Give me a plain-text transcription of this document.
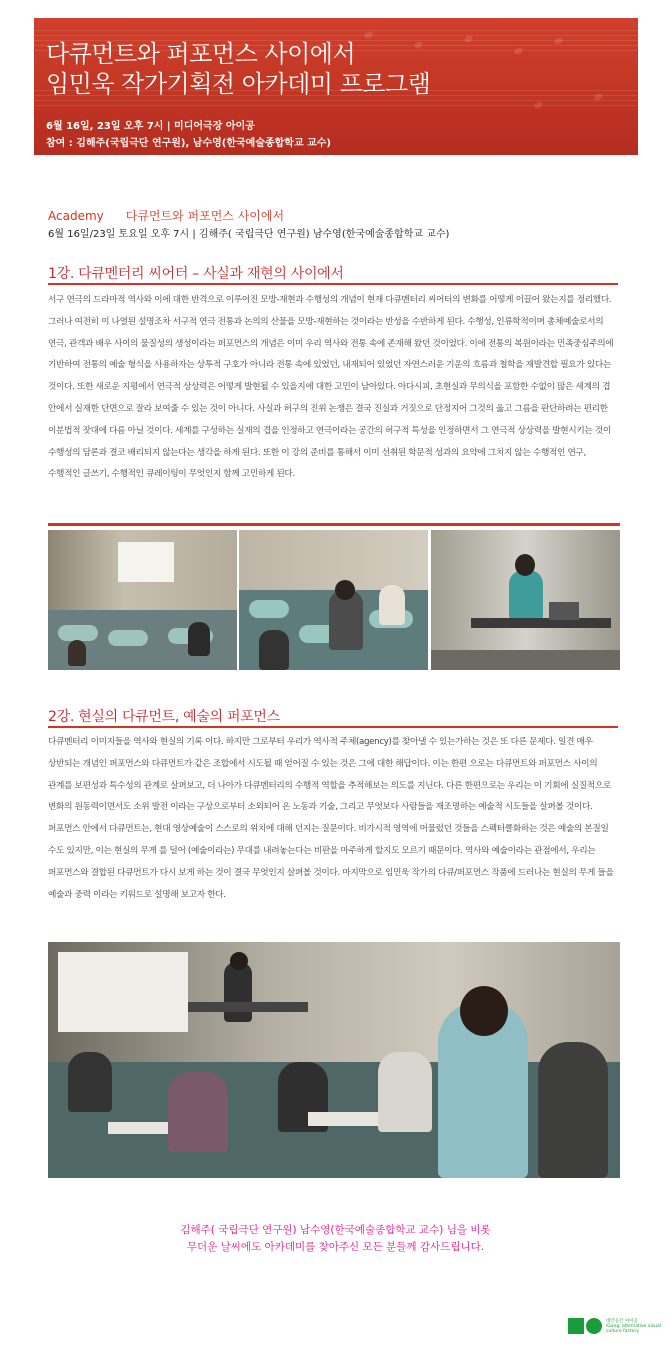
다큐먼트와 퍼포먼스 사이에서
임민욱 작가기획전 아카데미 프로그램
6월 16일, 23일 오후 7시 | 미디어극장 아이공
참여 : 김해주(국립극단 연구원), 남수영(한국예술종합학교 교수)
Academy 다큐먼트와 퍼포먼스 사이에서
6월 16일/23일 토요일 오후 7시 | 김해주( 국립극단 연구원) 남수영(한국예술종합학교 교수)
1강. 다큐멘터리 씨어터 – 사실과 재현의 사이에서
서구 연극의 드라마적 역사와 이에 대한 반격으로 이루어진 모방-재현과 수행성의 개념이 현재 다큐멘터리 씨어터의 변화를 어떻게 이끌어 왔는지를 정리했다. 그러나 여전히 이 나열된 설명조차 서구적 연극 전통과 논의의 산물을 모방-재현하는 것이라는 반성을 수반하게 된다. 수행성, 인류학적이며 총체예술로서의 연극, 관객과 배우 사이의 물질성의 생성이라는 퍼포먼스의 개념은 이미 우리 역사와 전통 속에 존재해 왔던 것이었다. 이에 전통의 복원이라는 민족중심주의에 기반하여 전통의 예술 형식을 사용하자는 상투적 구호가 아니라 전통 속에 있었던, 내재되어 있었던 자연스러운 기운의 흐름과 철학을 재발견할 필요가 있다는 것이다. 또한 새로운 지평에서 연극적 상상력은 어떻게 발현될 수 있을지에 대한 고민이 남아있다. 아다시피, 초현실과 무의식을 포함한 수없이 많은 세계의 겹 안에서 실재한 단면으로 잘라 보여줄 수 있는 것이 아니다. 사실과 허구의 진위 논쟁은 결국 진실과 거짓으로 단정지어 그것의 옳고 그름을 판단하려는 편리한 이분법적 잣대에 다름 아닐 것이다. 세계를 구성하는 실재의 겹을 인정하고 연극이라는 공간의 허구적 특성을 인정하면서 그 연극적 상상력을 발현시키는 것이 수행성의 담론과 결코 배리되지 않는다는 생각을 하게 된다. 또한 이 강의 준비를 통해서 이미 선취된 학문적 성과의 요약에 그치지 않는 수행적인 연구, 수행적인 글쓰기, 수행적인 큐레이팅이 무엇인지 함께 고민하게 된다.
2강. 현실의 다큐먼트, 예술의 퍼포먼스
다큐멘터리 이미지들을 역사와 현실의 기록 이다. 하지만 그로부터 우리가 역사적 주체(agency)를 찾아낼 수 있는가하는 것은 또 다른 문제다. 일견 매우 상반되는 개념인 퍼포먼스와 다큐먼트가 같은 조합에서 시도될 때 얻어질 수 있는 것은 그에 대한 해답이다. 이는 한편 으로는 다큐먼트와 퍼포먼스 사이의 관계를 보편성과 특수성의 관계로 살펴보고, 더 나아가 다큐멘터리의 수행적 역할을 추적해보는 의도를 지닌다. 다른 한편으로는 우리는 이 기회에 실질적으로 변화의 원동력이면서도 소위 발전 이라는 구상으로부터 소외되어 온 노동과 기술, 그리고 무엇보다 사람들을 재조명하는 예술적 시도들을 살펴볼 것이다. 퍼포먼스 안에서 다큐먼트는, 현대 영상예술이 스스로의 위치에 대해 던지는 질문이다. 비가시적 영역에 머물렀던 것들을 스펙터클화하는 것은 예술의 본질일 수도 있지만, 이는 현실의 무게 를 덜어 (예술이라는) 무대를 내려놓는다는 비판을 마주하게 할지도 모르기 때문이다. 역사와 예술이라는 관점에서, 우리는 퍼포먼스와 결합된 다큐먼트가 다시 보게 하는 것이 결국 무엇인지 살펴볼 것이다. 마지막으로 임민욱 작가의 다큐/퍼포먼스 작품에 드러나는 현실의 무게 들을 예술과 중력 이라는 키워드로 설명해 보고자 한다.
김해주( 국립극단 연구원) 남수영(한국예술종합학교 교수) 님을 비롯
무더운 날씨에도 아카데미를 찾아주신 모든 분들께 감사드립니다.
대안공간 아이공
iGong, alternative visual
culture factory
